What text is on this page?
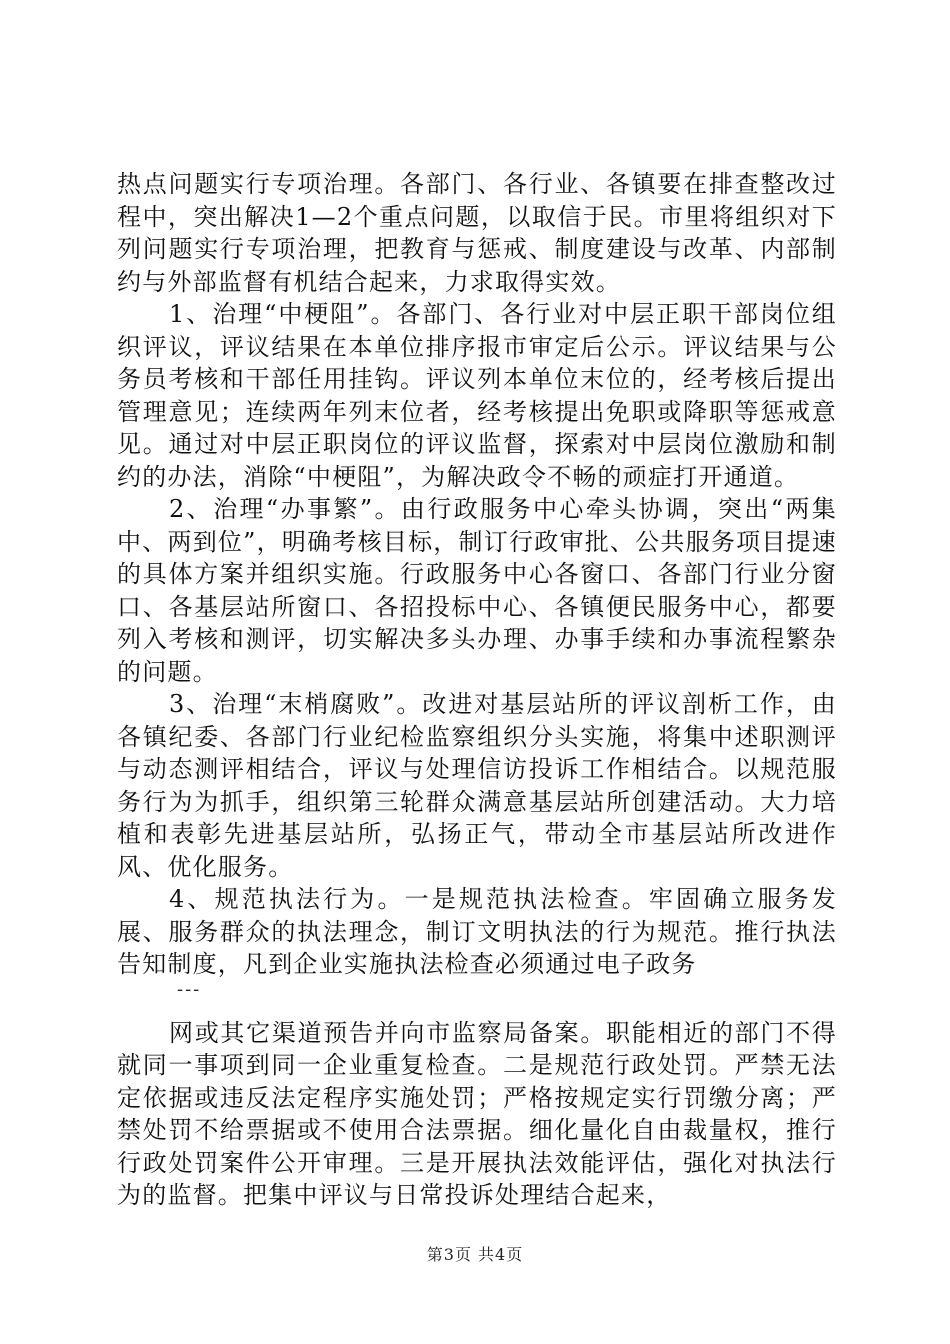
热点问题实行专项治理。各部门、各行业、各镇要在排查整改过程中，突出解决1—2个重点问题，以取信于民。市里将组织对下列问题实行专项治理，把教育与惩戒、制度建设与改革、内部制约与外部监督有机结合起来，力求取得实效。

1、治理“中梗阻”。各部门、各行业对中层正职干部岗位组织评议，评议结果在本单位排序报市审定后公示。评议结果与公务员考核和干部任用挂钩。评议列本单位末位的，经考核后提出管理意见；连续两年列末位者，经考核提出免职或降职等惩戒意见。通过对中层正职岗位的评议监督，探索对中层岗位激励和制约的办法，消除“中梗阻”，为解决政令不畅的顽症打开通道。

2、治理“办事繁”。由行政服务中心牵头协调，突出“两集中、两到位”，明确考核目标，制订行政审批、公共服务项目提速的具体方案并组织实施。行政服务中心各窗口、各部门行业分窗口、各基层站所窗口、各招投标中心、各镇便民服务中心，都要列入考核和测评，切实解决多头办理、办事手续和办事流程繁杂的问题。

3、治理“末梢腐败”。改进对基层站所的评议剖析工作，由各镇纪委、各部门行业纪检监察组织分头实施，将集中述职测评与动态测评相结合，评议与处理信访投诉工作相结合。以规范服务行为为抓手，组织第三轮群众满意基层站所创建活动。大力培植和表彰先进基层站所，弘扬正气，带动全市基层站所改进作风、优化服务。

4、规范执法行为。一是规范执法检查。牢固确立服务发展、服务群众的执法理念，制订文明执法的行为规范。推行执法告知制度，凡到企业实施执法检查必须通过电子政务

---

网或其它渠道预告并向市监察局备案。职能相近的部门不得就同一事项到同一企业重复检查。二是规范行政处罚。严禁无法定依据或违反法定程序实施处罚；严格按规定实行罚缴分离；严禁处罚不给票据或不使用合法票据。细化量化自由裁量权，推行行政处罚案件公开审理。三是开展执法效能评估，强化对执法行为的监督。把集中评议与日常投诉处理结合起来，

第3页 共4页
